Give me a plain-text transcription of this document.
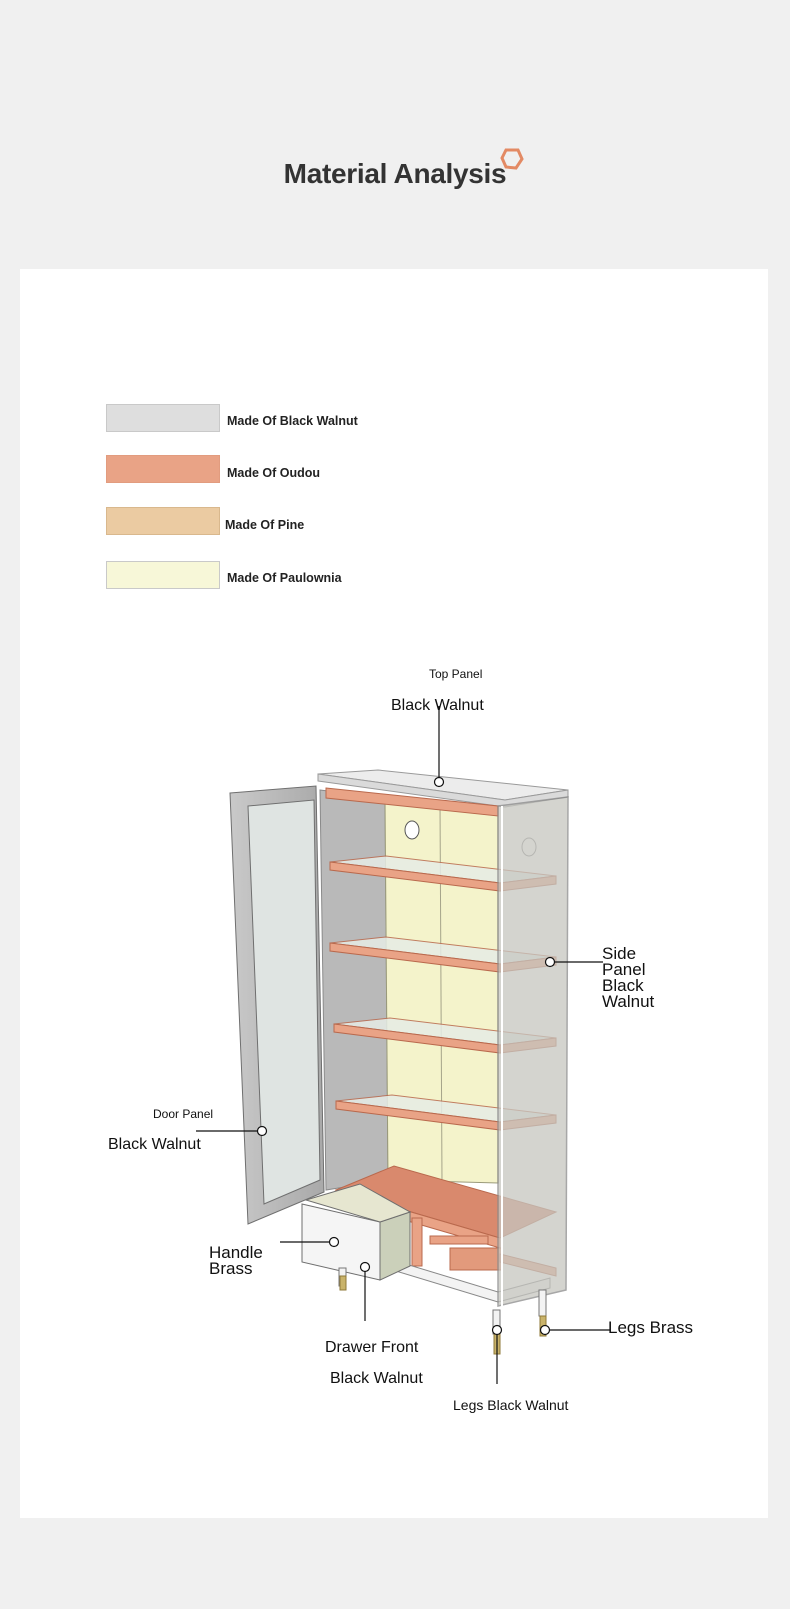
Material Analysis
Made Of Black Walnut
Made Of Oudou
Made Of Pine
Made Of Paulownia
Top Panel
Black Walnut
Side
Panel
Black
Walnut
Door Panel
Black Walnut
Handle
Brass
Drawer Front
Black Walnut
Legs Brass
Legs Black Walnut
